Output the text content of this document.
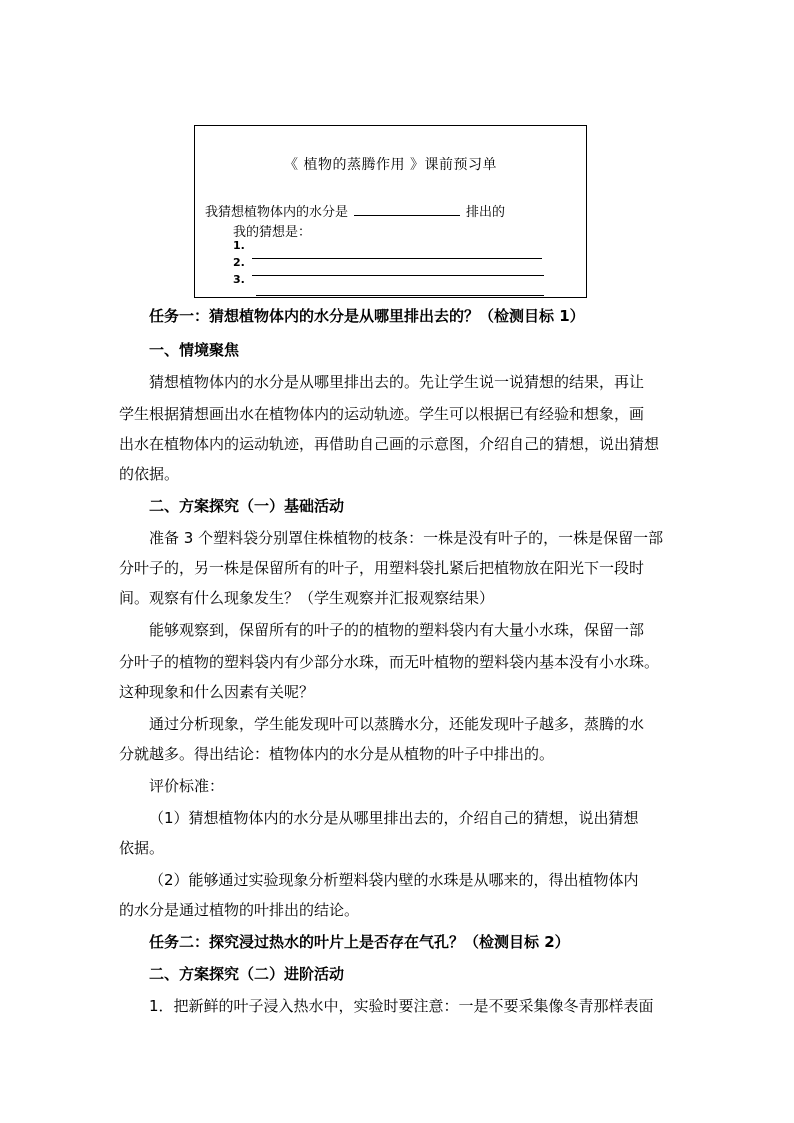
《 植物的蒸腾作用 》课前预习单
我猜想植物体内的水分是	排出的
我的猜想是：
1.
2.
3.
任务一：猜想植物体内的水分是从哪里排出去的？（检测目标 1）
一、情境聚焦
猜想植物体内的水分是从哪里排出去的。先让学生说一说猜想的结果，再让
学生根据猜想画出水在植物体内的运动轨迹。学生可以根据已有经验和想象，画
出水在植物体内的运动轨迹，再借助自己画的示意图，介绍自己的猜想，说出猜想
的依据。
二、方案探究（一）基础活动
准备 3 个塑料袋分别罩住株植物的枝条：一株是没有叶子的，一株是保留一部
分叶子的，另一株是保留所有的叶子，用塑料袋扎紧后把植物放在阳光下一段时
间。观察有什么现象发生？（学生观察并汇报观察结果）
能够观察到，保留所有的叶子的的植物的塑料袋内有大量小水珠，保留一部
分叶子的植物的塑料袋内有少部分水珠，而无叶植物的塑料袋内基本没有小水珠。
这种现象和什么因素有关呢？
通过分析现象，学生能发现叶可以蒸腾水分，还能发现叶子越多，蒸腾的水
分就越多。得出结论：植物体内的水分是从植物的叶子中排出的。
评价标准：
（1）猜想植物体内的水分是从哪里排出去的，介绍自己的猜想，说出猜想
依据。
（2）能够通过实验现象分析塑料袋内壁的水珠是从哪来的，得出植物体内
的水分是通过植物的叶排出的结论。
任务二：探究浸过热水的叶片上是否存在气孔？（检测目标 2）
二、方案探究（二）进阶活动
1．把新鲜的叶子浸入热水中，实验时要注意：一是不要采集像冬青那样表面
